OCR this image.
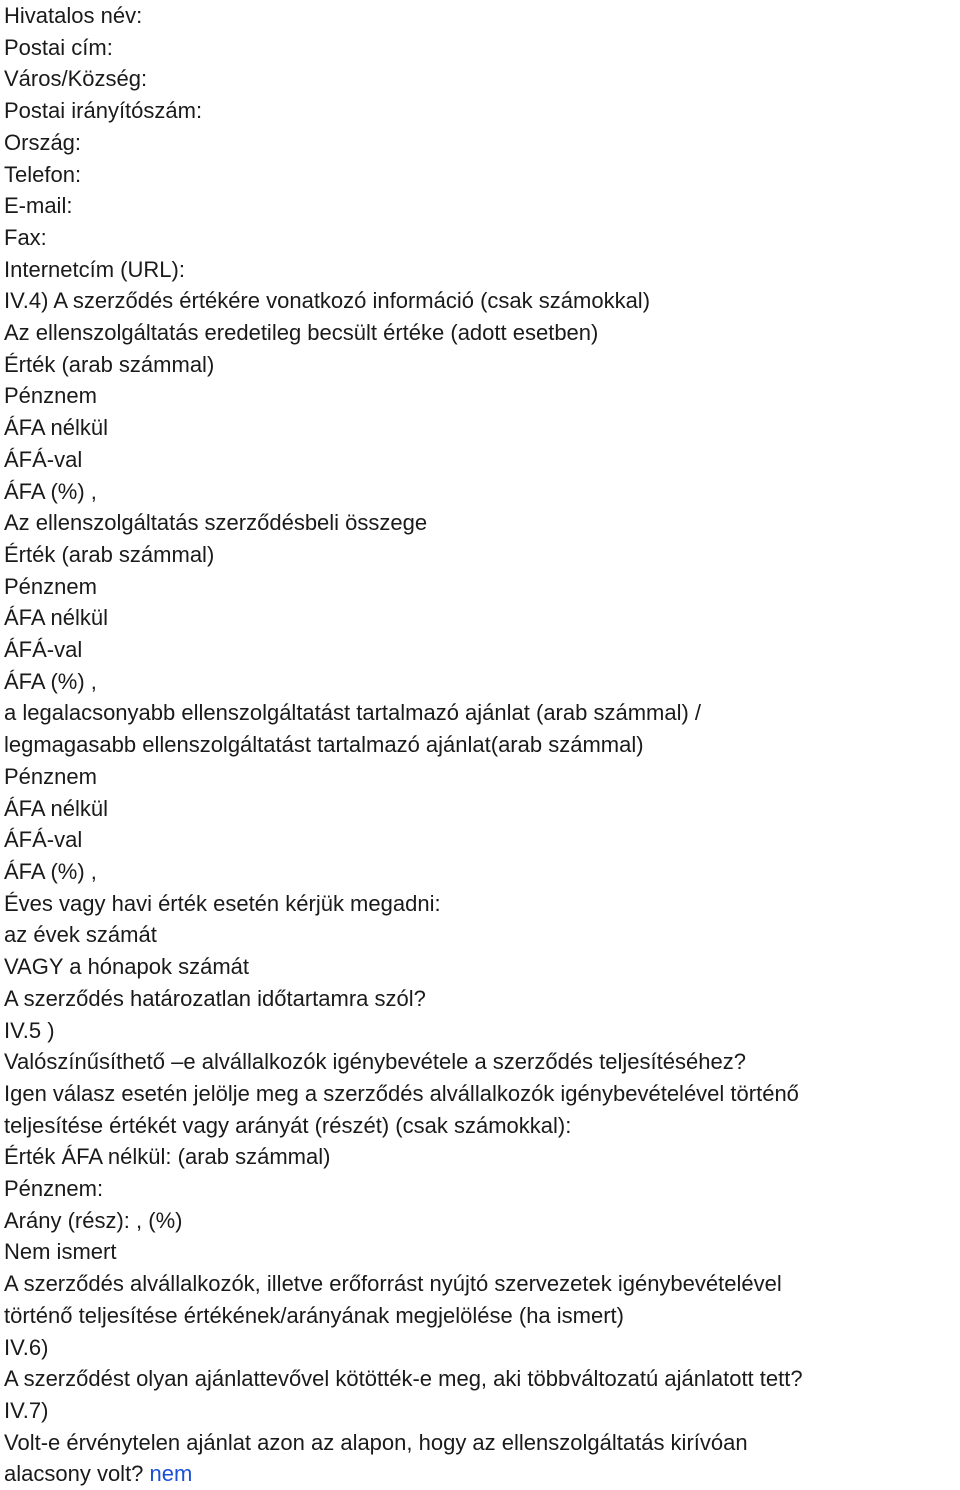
Hivatalos név:
Postai cím:
Város/Község:
Postai irányítószám:
Ország:
Telefon:
E-mail:
Fax:
Internetcím (URL):
IV.4) A szerződés értékére vonatkozó információ (csak számokkal)
Az ellenszolgáltatás eredetileg becsült értéke (adott esetben)
Érték (arab számmal)
Pénznem
ÁFA nélkül
ÁFÁ-val
ÁFA (%) ,
Az ellenszolgáltatás szerződésbeli összege
Érték (arab számmal)
Pénznem
ÁFA nélkül
ÁFÁ-val
ÁFA (%) ,
a legalacsonyabb ellenszolgáltatást tartalmazó ajánlat (arab számmal) /
legmagasabb ellenszolgáltatást tartalmazó ajánlat(arab számmal)
Pénznem
ÁFA nélkül
ÁFÁ-val
ÁFA (%) ,
Éves vagy havi érték esetén kérjük megadni:
az évek számát
VAGY a hónapok számát
A szerződés határozatlan időtartamra szól?
IV.5 )
Valószínűsíthető –e alvállalkozók igénybevétele a szerződés teljesítéséhez?
Igen válasz esetén jelölje meg a szerződés alvállalkozók igénybevételével történő
teljesítése értékét vagy arányát (részét) (csak számokkal):
Érték ÁFA nélkül: (arab számmal)
Pénznem:
Arány (rész): , (%)
Nem ismert
A szerződés alvállalkozók, illetve erőforrást nyújtó szervezetek igénybevételével
történő teljesítése értékének/arányának megjelölése (ha ismert)
IV.6)
A szerződést olyan ajánlattevővel kötötték-e meg, aki többváltozatú ajánlatott tett?
IV.7)
Volt-e érvénytelen ajánlat azon az alapon, hogy az ellenszolgáltatás kirívóan
alacsony volt? nem
